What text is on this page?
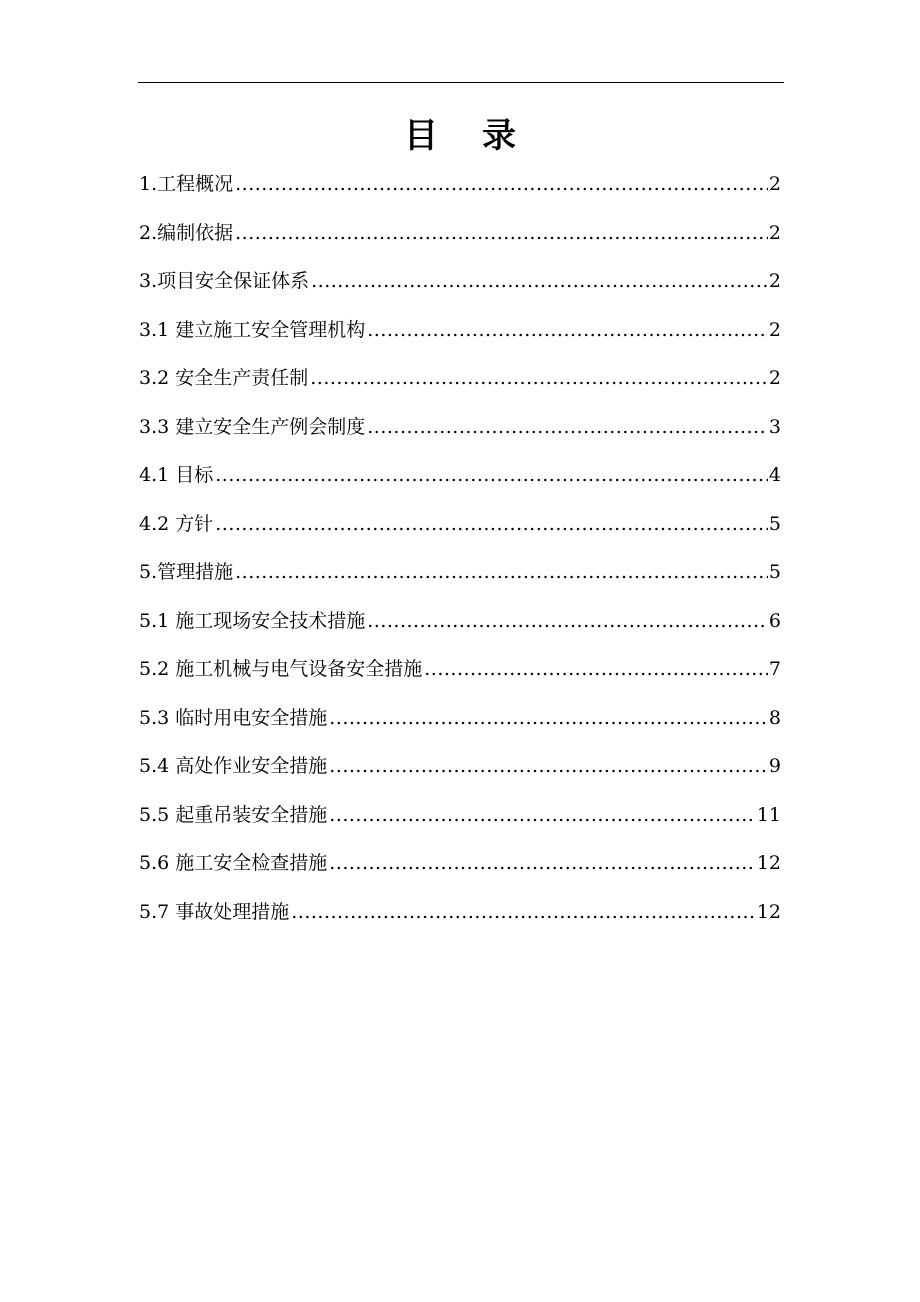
目 录
1.工程概况 .....	2
2.编制依据 .....	2
3.项目安全保证体系 .....	2
3.1 建立施工安全管理机构 .....	2
3.2 安全生产责任制 .....	2
3.3 建立安全生产例会制度 .....	3
4.1 目标 .....	4
4.2 方针 .....	5
5.管理措施 .....	5
5.1 施工现场安全技术措施 .....	6
5.2 施工机械与电气设备安全措施 .....	7
5.3 临时用电安全措施 .....	8
5.4 高处作业安全措施 .....	9
5.5 起重吊装安全措施 .....	11
5.6 施工安全检查措施 .....	12
5.7 事故处理措施 .....	12
